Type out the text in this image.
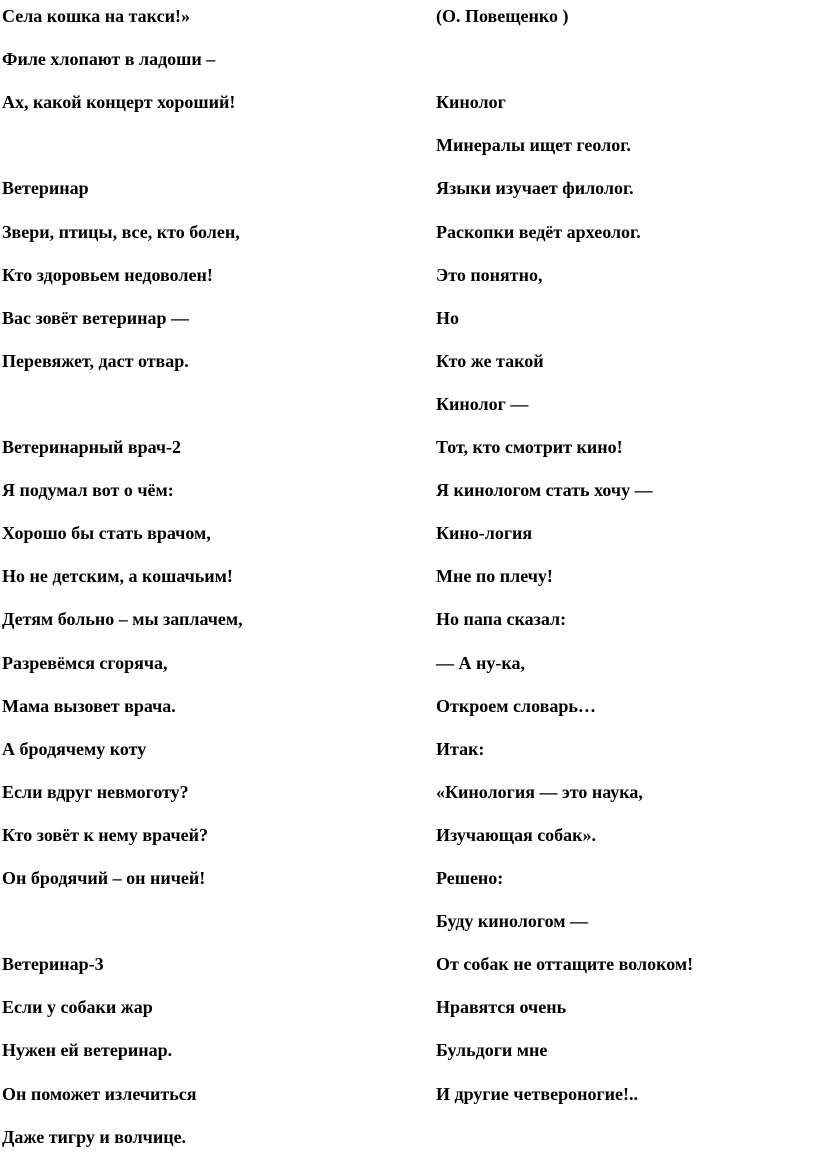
Села кошка на такси!»
Филе хлопают в ладоши –
Ах, какой концерт хороший!
Ветеринар
Звери, птицы, все, кто болен,
Кто здоровьем недоволен!
Вас зовёт ветеринар —
Перевяжет, даст отвар.
Ветеринарный врач-2
Я подумал вот о чём:
Хорошо бы стать врачом,
Но не детским, а кошачьим!
Детям больно – мы заплачем,
Разревёмся сгоряча,
Мама вызовет врача.
А бродячему коту
Если вдруг невмоготу?
Кто зовёт к нему врачей?
Он бродячий – он ничей!
Ветеринар-3
Если у собаки жар
Нужен ей ветеринар.
Он поможет излечиться
Даже тигру и волчице.
(О. Повещенко )
Кинолог
Минералы ищет геолог.
Языки изучает филолог.
Раскопки ведёт археолог.
Это понятно,
Но
Кто же такой
Кинолог —
Тот, кто смотрит кино!
Я кинологом стать хочу —
Кино-логия
Мне по плечу!
Но папа сказал:
— А ну-ка,
Откроем словарь…
Итак:
«Кинология — это наука,
Изучающая собак».
Решено:
Буду кинологом —
От собак не оттащите волоком!
Нравятся очень
Бульдоги мне
И другие четвероногие!..
